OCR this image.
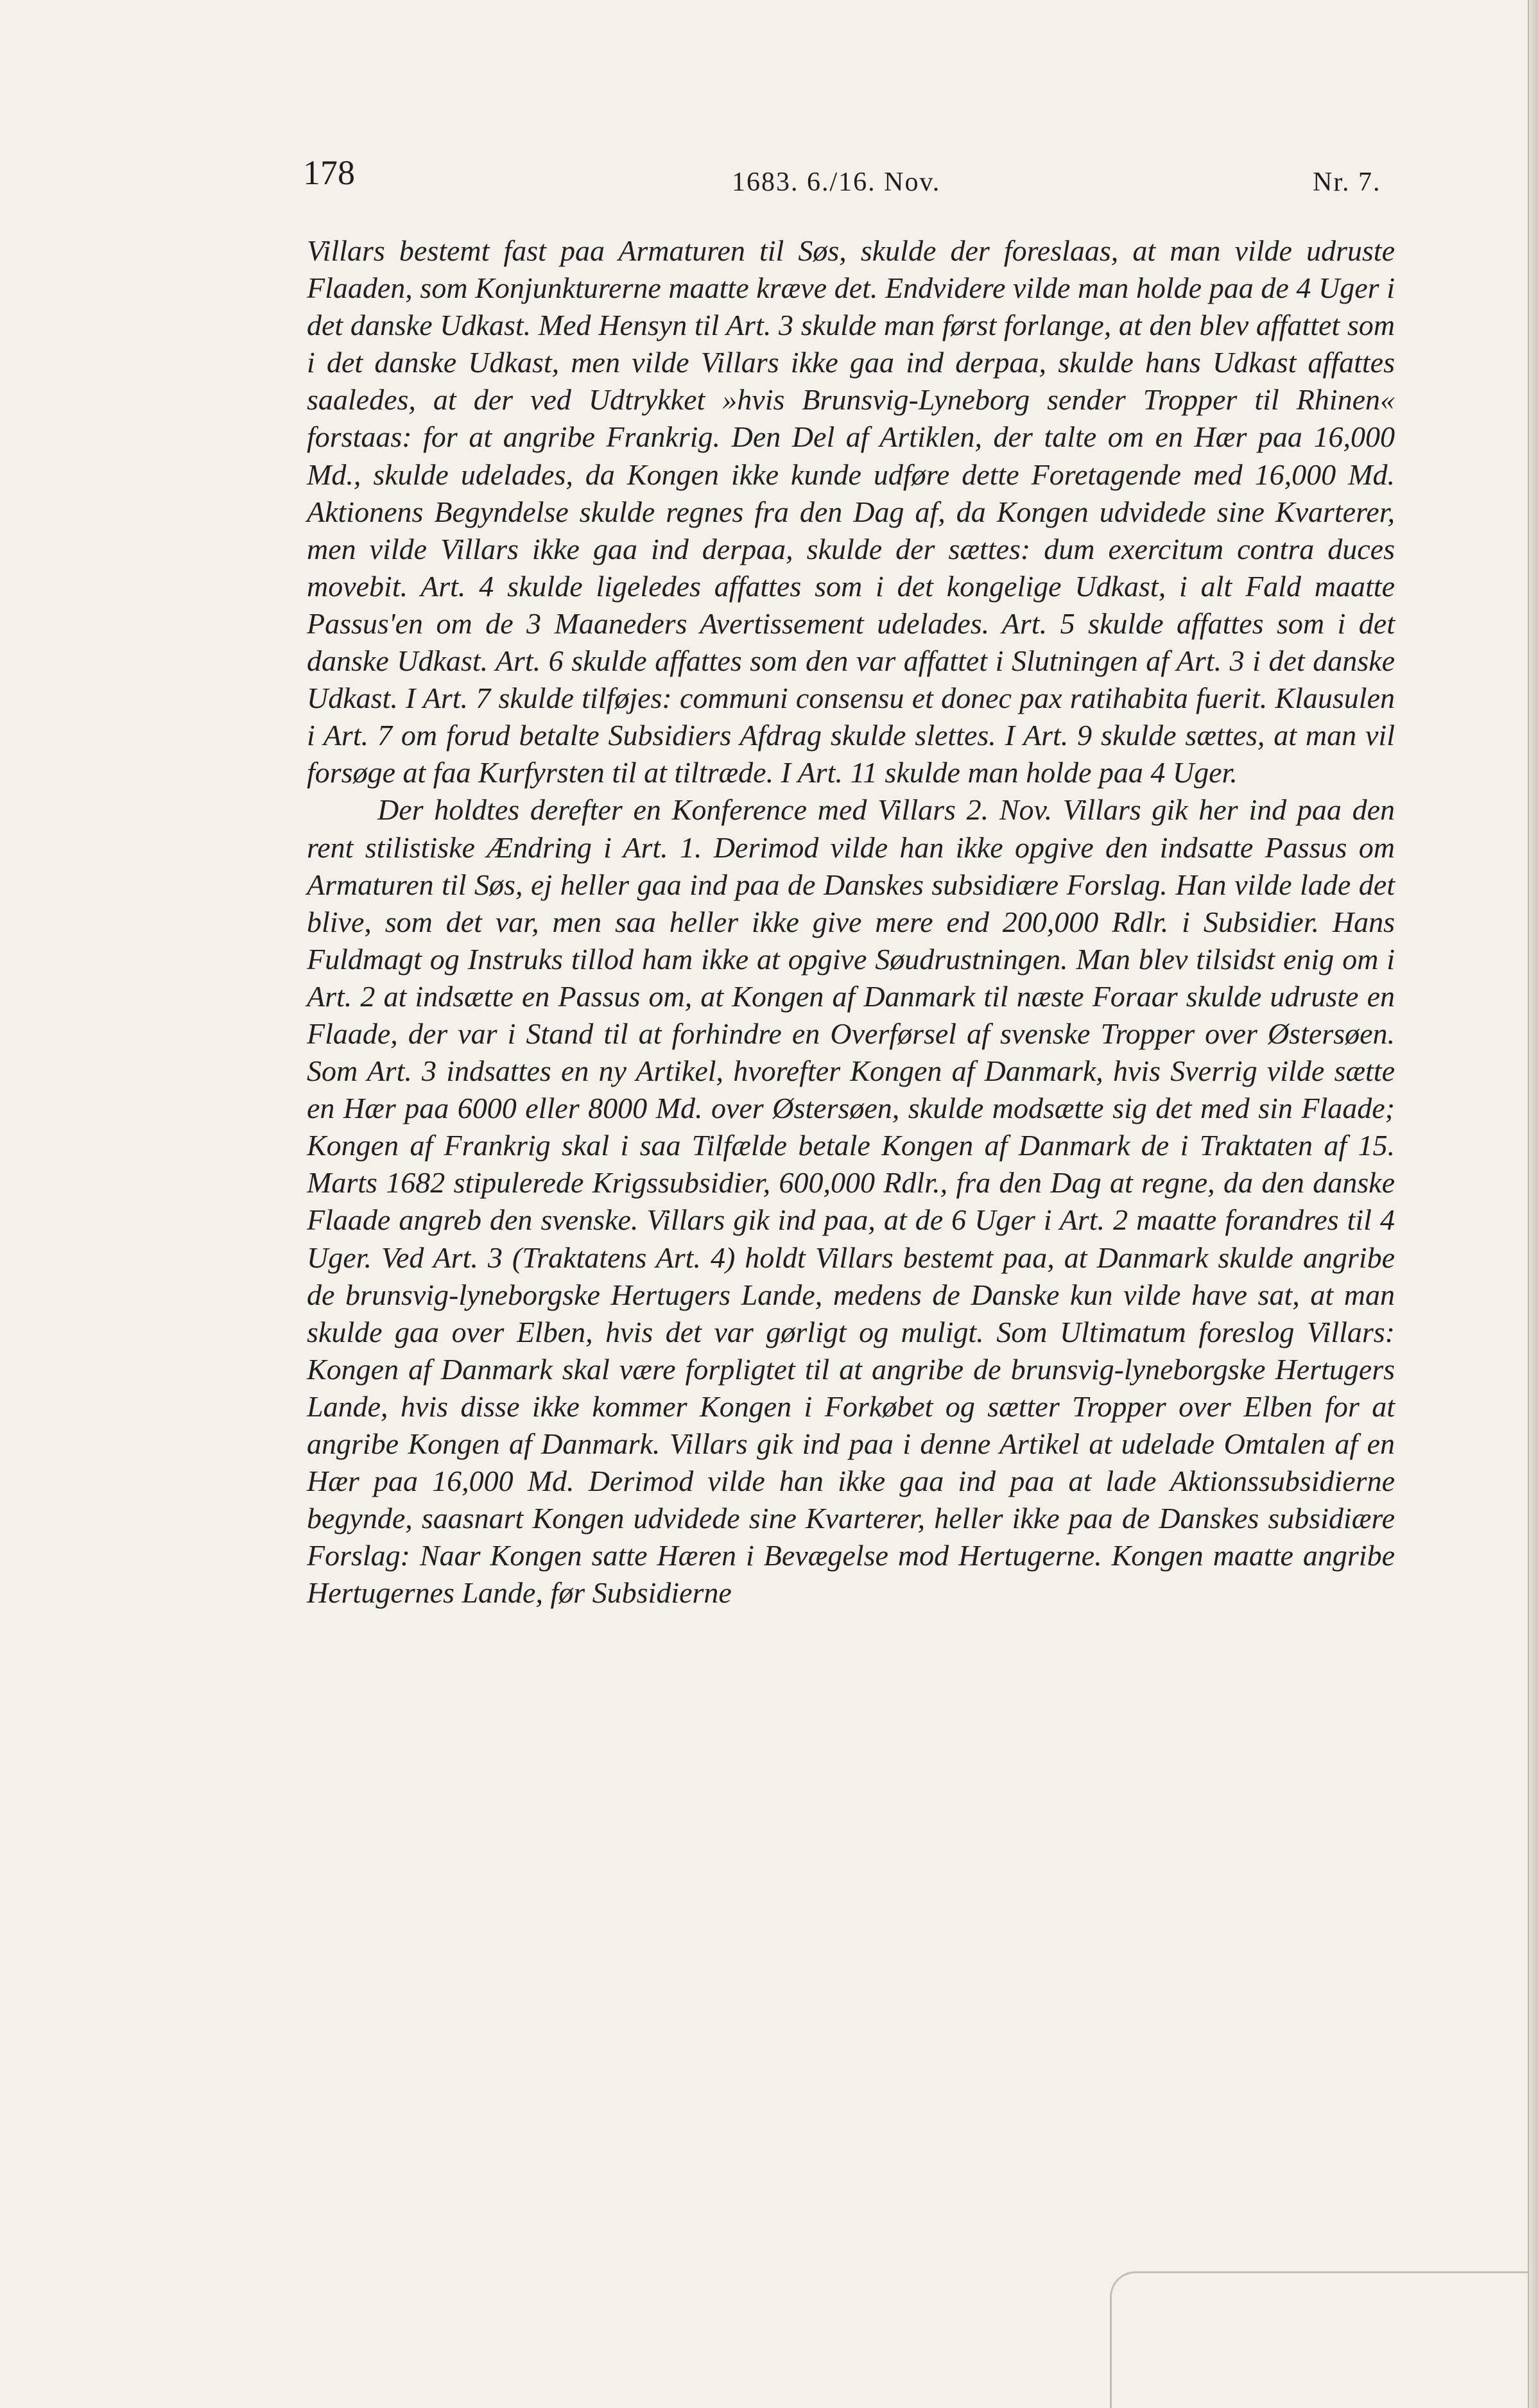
178	1683. 6./16. Nov.	Nr. 7.

Villars bestemt fast paa Armaturen til Søs, skulde der foreslaas, at man vilde udruste Flaaden, som Konjunkturerne maatte kræve det. Endvidere vilde man holde paa de 4 Uger i det danske Udkast. Med Hensyn til Art. 3 skulde man først forlange, at den blev affattet som i det danske Udkast, men vilde Villars ikke gaa ind derpaa, skulde hans Udkast affattes saaledes, at der ved Udtrykket »hvis Brunsvig-Lyneborg sender Tropper til Rhinen« forstaas: for at angribe Frankrig. Den Del af Artiklen, der talte om en Hær paa 16,000 Md., skulde udelades, da Kongen ikke kunde udføre dette Foretagende med 16,000 Md. Aktionens Begyndelse skulde regnes fra den Dag af, da Kongen udvidede sine Kvarterer, men vilde Villars ikke gaa ind derpaa, skulde der sættes: dum exercitum contra duces movebit. Art. 4 skulde ligeledes affattes som i det kongelige Udkast, i alt Fald maatte Passus'en om de 3 Maaneders Avertissement udelades. Art. 5 skulde affattes som i det danske Udkast. Art. 6 skulde affattes som den var affattet i Slutningen af Art. 3 i det danske Udkast. I Art. 7 skulde tilføjes: communi consensu et donec pax ratihabita fuerit. Klausulen i Art. 7 om forud betalte Subsidiers Afdrag skulde slettes. I Art. 9 skulde sættes, at man vil forsøge at faa Kurfyrsten til at tiltræde. I Art. 11 skulde man holde paa 4 Uger.

Der holdtes derefter en Konference med Villars 2. Nov. Villars gik her ind paa den rent stilistiske Ændring i Art. 1. Derimod vilde han ikke opgive den indsatte Passus om Armaturen til Søs, ej heller gaa ind paa de Danskes subsidiære Forslag. Han vilde lade det blive, som det var, men saa heller ikke give mere end 200,000 Rdlr. i Subsidier. Hans Fuldmagt og Instruks tillod ham ikke at opgive Søudrustningen. Man blev tilsidst enig om i Art. 2 at indsætte en Passus om, at Kongen af Danmark til næste Foraar skulde udruste en Flaade, der var i Stand til at forhindre en Overførsel af svenske Tropper over Østersøen. Som Art. 3 indsattes en ny Artikel, hvorefter Kongen af Danmark, hvis Sverrig vilde sætte en Hær paa 6000 eller 8000 Md. over Østersøen, skulde modsætte sig det med sin Flaade; Kongen af Frankrig skal i saa Tilfælde betale Kongen af Danmark de i Traktaten af 15. Marts 1682 stipulerede Krigssubsidier, 600,000 Rdlr., fra den Dag at regne, da den danske Flaade angreb den svenske. Villars gik ind paa, at de 6 Uger i Art. 2 maatte forandres til 4 Uger. Ved Art. 3 (Traktatens Art. 4) holdt Villars bestemt paa, at Danmark skulde angribe de brunsvig-lyneborgske Hertugers Lande, medens de Danske kun vilde have sat, at man skulde gaa over Elben, hvis det var gørligt og muligt. Som Ultimatum foreslog Villars: Kongen af Danmark skal være forpligtet til at angribe de brunsvig-lyneborgske Hertugers Lande, hvis disse ikke kommer Kongen i Forkøbet og sætter Tropper over Elben for at angribe Kongen af Danmark. Villars gik ind paa i denne Artikel at udelade Omtalen af en Hær paa 16,000 Md. Derimod vilde han ikke gaa ind paa at lade Aktionssubsidierne begynde, saasnart Kongen udvidede sine Kvarterer, heller ikke paa de Danskes subsidiære Forslag: Naar Kongen satte Hæren i Bevægelse mod Hertugerne. Kongen maatte angribe Hertugernes Lande, før Subsidierne
